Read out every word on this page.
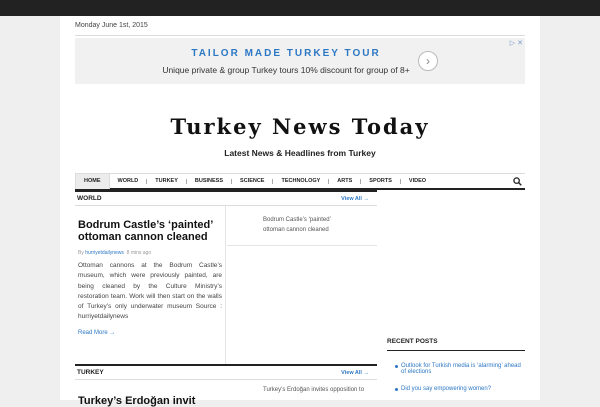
Monday June 1st, 2015
TAILOR MADE TURKEY TOUR
Unique private & group Turkey tours 10% discount for group of 8+
›
▷ ✕
Turkey News Today
Latest News & Headlines from Turkey
HOME	WORLD	TURKEY	BUSINESS	SCIENCE	TECHNOLOGY	ARTS	SPORTS	VIDEO
WORLD	View All →
Bodrum Castle’s ‘painted’ ottoman cannon cleaned
By hurriyetdailynews 8 mins ago
Ottoman cannons at the Bodrum Castle’s museum, which were previously painted, are being cleaned by the Culture Ministry’s restoration team. Work will then start on the walls of Turkey’s only underwater museum Source : hurriyetdailynews
Read More →
Bodrum Castle’s ‘painted’ ottoman cannon cleaned
TURKEY	View All →
Turkey’s Erdoğan invit
Turkey’s Erdoğan invites opposition to
RECENT POSTS
Outlook for Turkish media is ‘alarming’ ahead of elections
Did you say empowering women?
